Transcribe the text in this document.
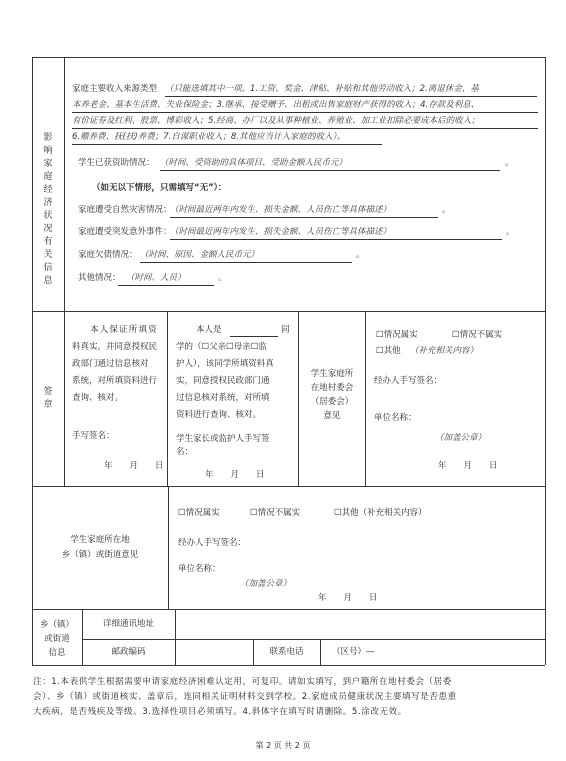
影
响
家
庭
经
济
状
况
有
关
信
息
家庭主要收入来源类型 （只能选填其中一项。1.工资、奖金、津贴、补贴和其他劳动收入；2.离退休金、基
本养老金、基本生活费、失业保险金；3.继承、接受赠予、出租或出售家庭财产获得的收入；4.存款及利息、
有价证券及红利、股票、博彩收入；5.经商、办厂以及从事种植业、养殖业、加工业扣除必要成本后的收入；
6.赡养费、抚(扶)养费；7.自谋职业收入；8.其他应当计入家庭的收入）。
学生已获资助情况： （时间、受资助的具体项目、受助金额人民币元）	。
（如无以下情形，只需填写“无”）：
家庭遭受自然灾害情况：
（时间最近两年内发生、损失金额、人员伤亡等具体描述）	。
家庭遭受突发意外事件：
（时间最近两年内发生、损失金额、人员伤亡等具体描述）	。
家庭欠债情况： （时间、原因、金额人民币元）	。
其他情况： （时间、人员）	。
签
章
本人保证所填资
料真实，并同意授权民
政部门通过信息核对
系统，对所填资料进行
查询、核对。
手写签名：
年　　月　　日
本人是	同
学的（☐父亲☐母亲☐监
护人），该同学所填资料真
实，同意授权民政部门通
过信息核对系统，对所填
资料进行查询、核对。
学生家长或监护人手写签
名：
年　　月　　日
学生家庭所
在地村委会
（居委会）
意见
☐情况属实	☐情况不属实
☐其他 （补充相关内容）
经办人手写签名：
单位名称：
（加盖公章）
年　　月　　日
学生家庭所在地
乡（镇）或街道意见
☐情况属实	☐情况不属实	☐其他（补充相关内容）
经办人手写签名：
单位名称：
（加盖公章）
年　　月　　日
乡（镇）
或街道
信息
详细通讯地址
邮政编码	联系电话	（区号）—
注：1.本表供学生根据需要申请家庭经济困难认定用，可复印。请如实填写，到户籍所在地村委会（居委
会）、乡（镇）或街道核实、盖章后，连同相关证明材料交到学校。2.家庭成员健康状况主要填写是否患重
大疾病，是否残疾及等级。3.选择性项目必须填写。4.斜体字在填写时请删除。5.涂改无效。
第 2 页 共 2 页
